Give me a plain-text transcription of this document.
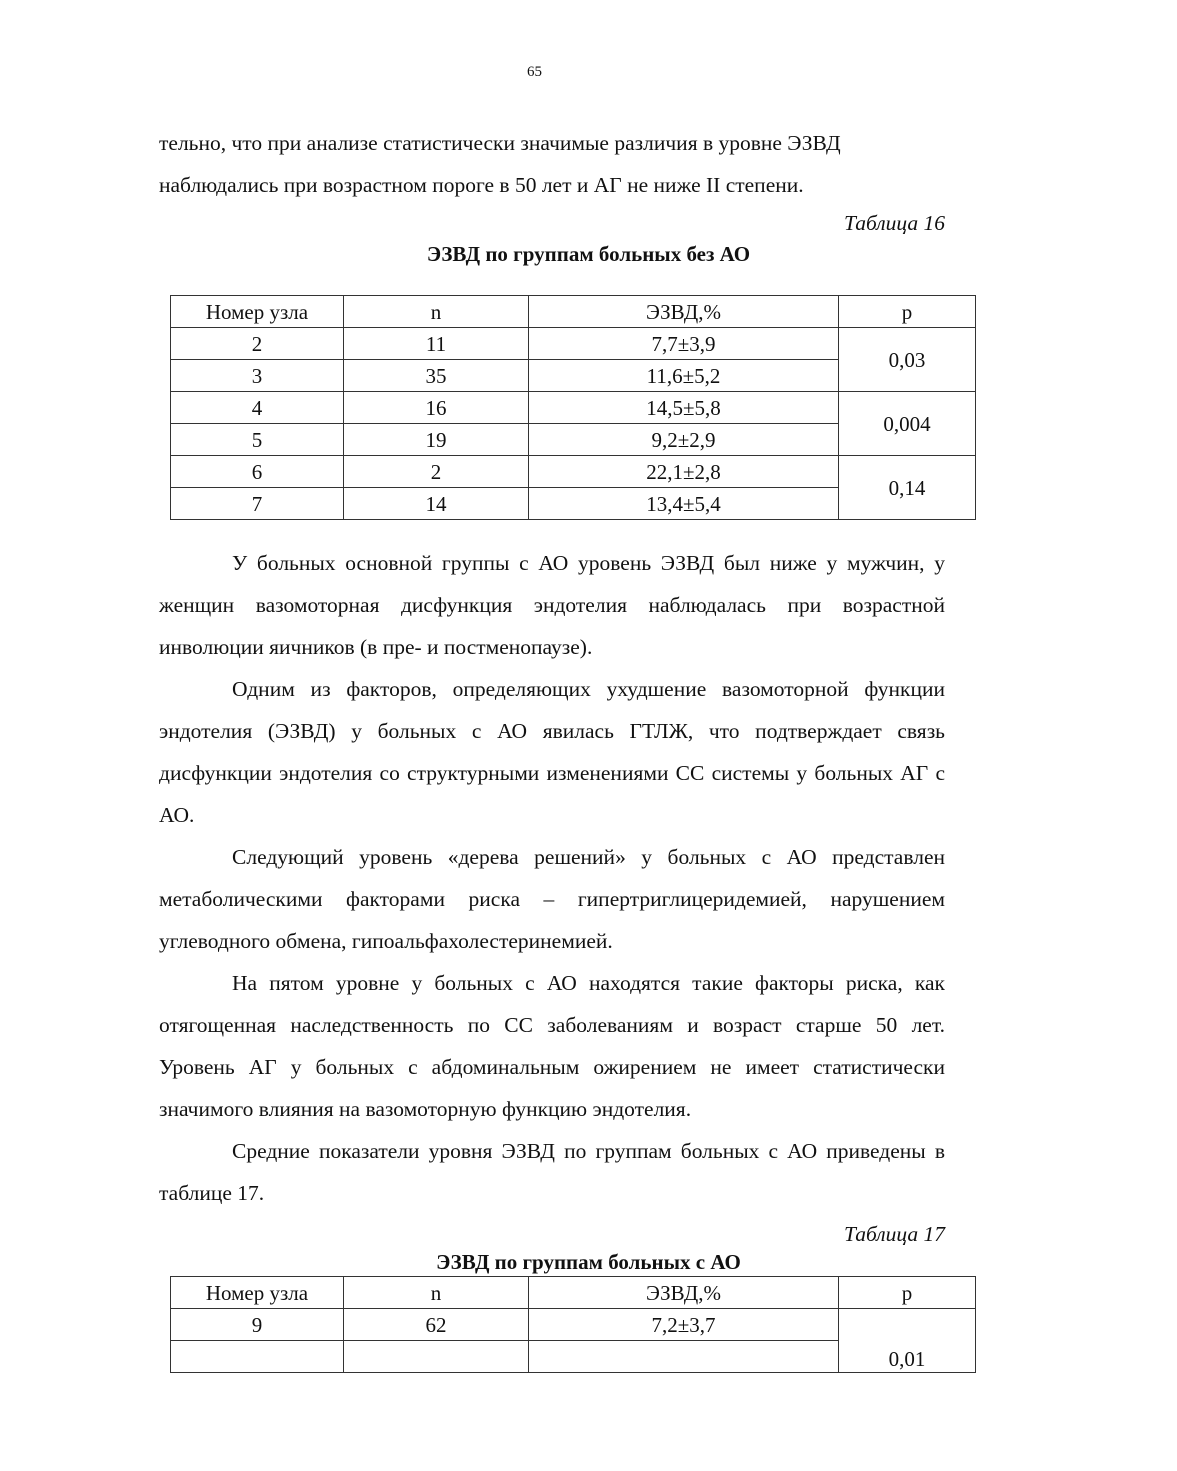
65

тельно, что при анализе статистически значимые различия в уровне ЭЗВД

наблюдались при возрастном пороге в 50 лет и АГ не ниже II степени.

Таблица 16
ЭЗВД по группам больных без АО
Номер узла	n	ЭЗВД,%	p
2	11	7,7±3,9	0,03
3	35	11,6±5,2	
4	16	14,5±5,8	0,004
5	19	9,2±2,9	
6	2	22,1±2,8	0,14
7	14	13,4±5,4	

У больных основной группы с АО уровень ЭЗВД был ниже у мужчин, у женщин вазомоторная дисфункция эндотелия наблюдалась при возрастной инволюции яичников (в пре- и постменопаузе).

Одним из факторов, определяющих ухудшение вазомоторной функции эндотелия (ЭЗВД) у больных с АО явилась ГТЛЖ, что подтверждает связь дисфункции эндотелия со структурными изменениями СС системы у больных АГ с АО.

Следующий уровень «дерева решений» у больных с АО представлен метаболическими факторами риска – гипертриглицеридемией, нарушением углеводного обмена, гипоальфахолестеринемией.

На пятом уровне у больных с АО находятся такие факторы риска, как отягощенная наследственность по СС заболеваниям и возраст старше 50 лет. Уровень АГ у больных с абдоминальным ожирением не имеет статистически значимого влияния на вазомоторную функцию эндотелия.

Средние показатели уровня ЭЗВД по группам больных с АО приведены в таблице 17.

Таблица 17
ЭЗВД по группам больных с АО
Номер узла	n	ЭЗВД,%	p
9	62	7,2±3,7	0,01
